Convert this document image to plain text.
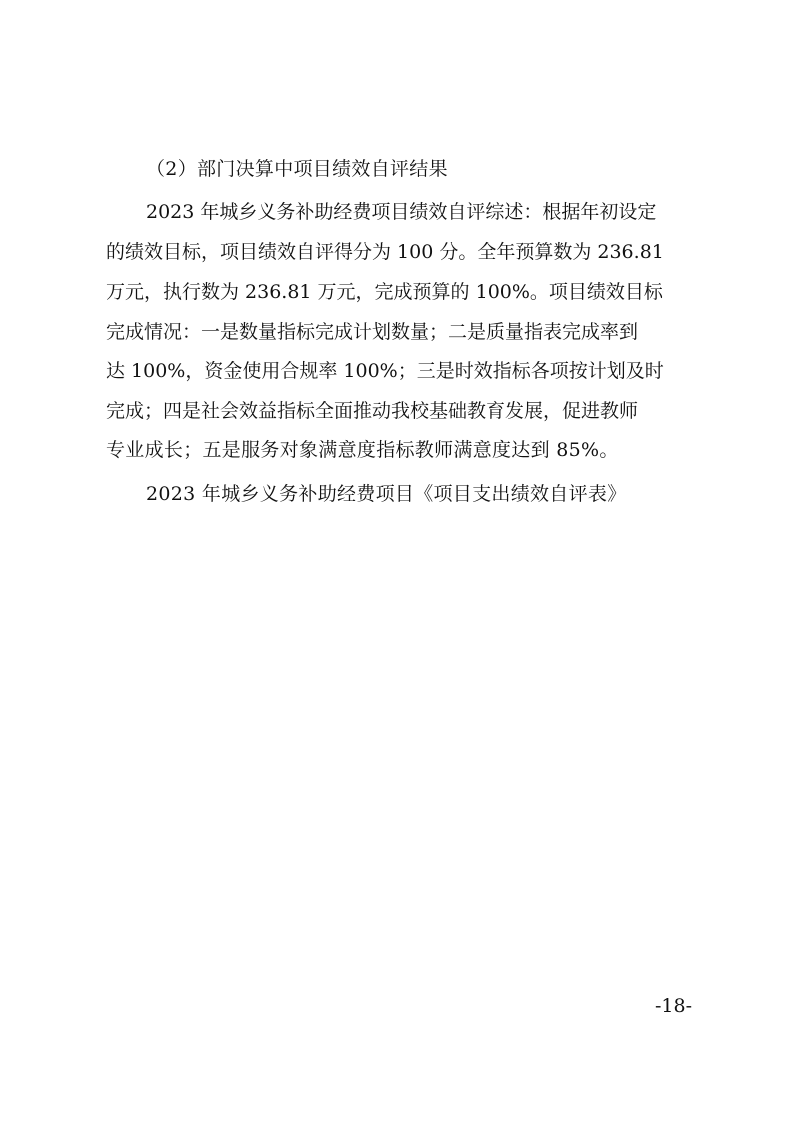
（2）部门决算中项目绩效自评结果
2023 年城乡义务补助经费项目绩效自评综述：根据年初设定
的绩效目标，项目绩效自评得分为 100 分。全年预算数为 236.81
万元，执行数为 236.81 万元，完成预算的 100%。项目绩效目标
完成情况：一是数量指标完成计划数量；二是质量指表完成率到
达 100%，资金使用合规率 100%；三是时效指标各项按计划及时
完成；四是社会效益指标全面推动我校基础教育发展，促进教师
专业成长；五是服务对象满意度指标教师满意度达到 85%。
2023 年城乡义务补助经费项目《项目支出绩效自评表》
-18-
